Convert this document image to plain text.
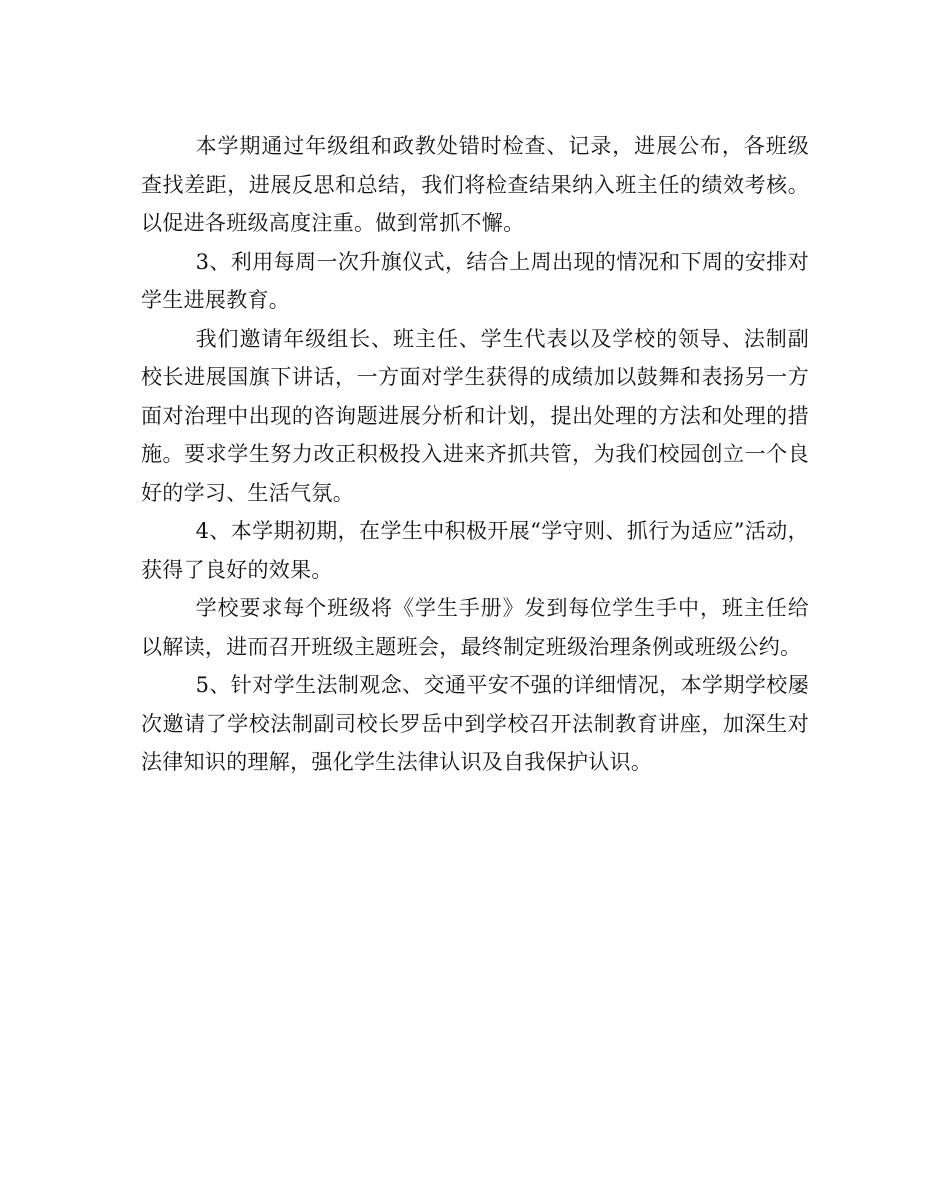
本学期通过年级组和政教处错时检查、记录，进展公布，各班级查找差距，进展反思和总结，我们将检查结果纳入班主任的绩效考核。以促进各班级高度注重。做到常抓不懈。

3、利用每周一次升旗仪式，结合上周出现的情况和下周的安排对学生进展教育。

我们邀请年级组长、班主任、学生代表以及学校的领导、法制副校长进展国旗下讲话，一方面对学生获得的成绩加以鼓舞和表扬另一方面对治理中出现的咨询题进展分析和计划，提出处理的方法和处理的措施。要求学生努力改正积极投入进来齐抓共管，为我们校园创立一个良好的学习、生活气氛。

4、本学期初期，在学生中积极开展“学守则、抓行为适应”活动，获得了良好的效果。

学校要求每个班级将《学生手册》发到每位学生手中，班主任给以解读，进而召开班级主题班会，最终制定班级治理条例或班级公约。

5、针对学生法制观念、交通平安不强的详细情况，本学期学校屡次邀请了学校法制副司校长罗岳中到学校召开法制教育讲座，加深生对法律知识的理解，强化学生法律认识及自我保护认识。
